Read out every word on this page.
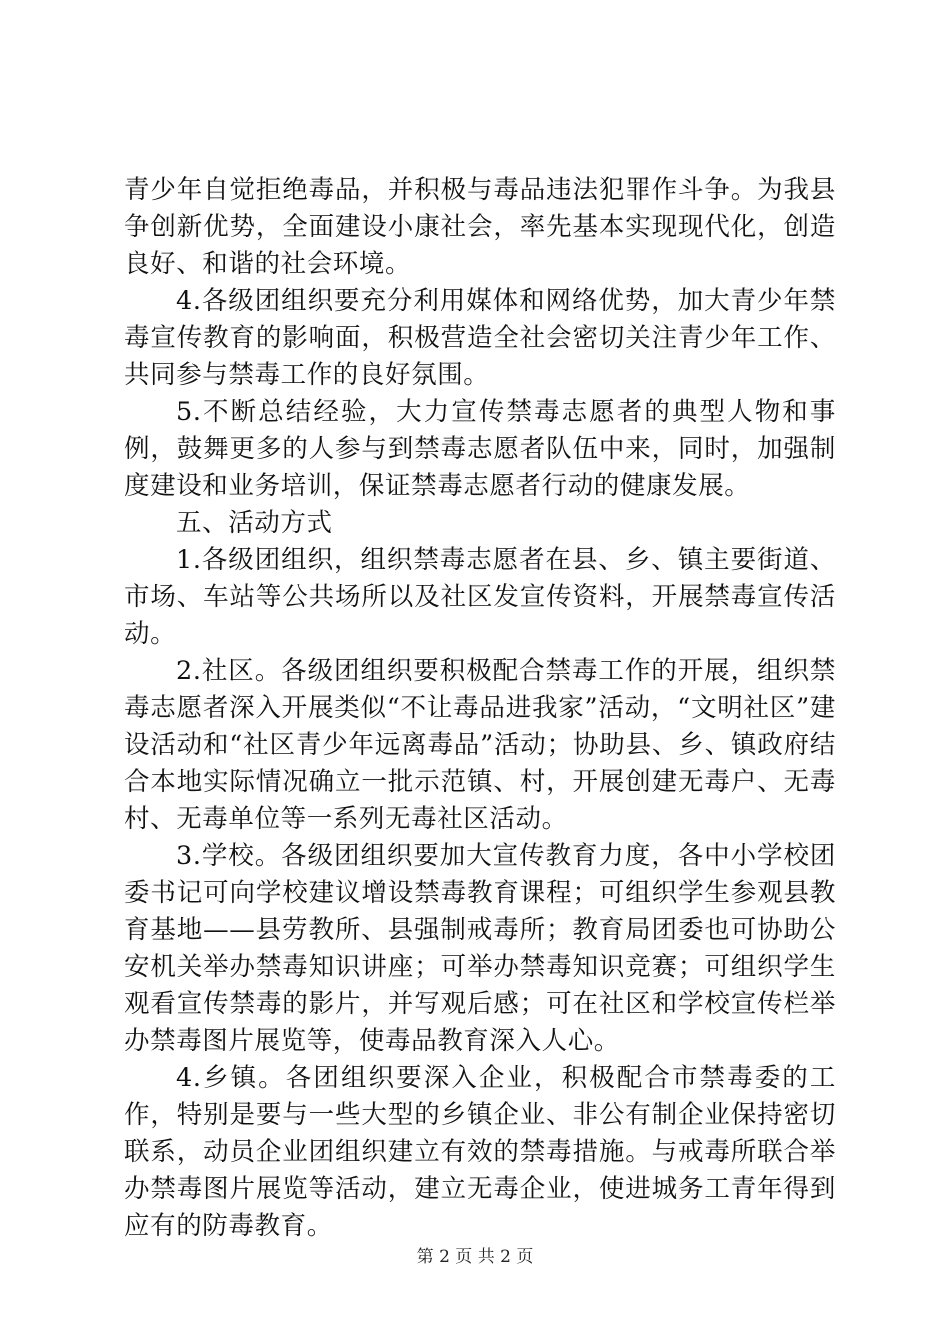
青少年自觉拒绝毒品，并积极与毒品违法犯罪作斗争。为我县争创新优势，全面建设小康社会，率先基本实现现代化，创造良好、和谐的社会环境。

4.各级团组织要充分利用媒体和网络优势，加大青少年禁毒宣传教育的影响面，积极营造全社会密切关注青少年工作、共同参与禁毒工作的良好氛围。

5.不断总结经验，大力宣传禁毒志愿者的典型人物和事例，鼓舞更多的人参与到禁毒志愿者队伍中来，同时，加强制度建设和业务培训，保证禁毒志愿者行动的健康发展。

五、活动方式

1.各级团组织，组织禁毒志愿者在县、乡、镇主要街道、市场、车站等公共场所以及社区发宣传资料，开展禁毒宣传活动。

2.社区。各级团组织要积极配合禁毒工作的开展，组织禁毒志愿者深入开展类似“不让毒品进我家”活动，“文明社区”建设活动和“社区青少年远离毒品”活动；协助县、乡、镇政府结合本地实际情况确立一批示范镇、村，开展创建无毒户、无毒村、无毒单位等一系列无毒社区活动。

3.学校。各级团组织要加大宣传教育力度，各中小学校团委书记可向学校建议增设禁毒教育课程；可组织学生参观县教育基地——县劳教所、县强制戒毒所；教育局团委也可协助公安机关举办禁毒知识讲座；可举办禁毒知识竞赛；可组织学生观看宣传禁毒的影片，并写观后感；可在社区和学校宣传栏举办禁毒图片展览等，使毒品教育深入人心。

4.乡镇。各团组织要深入企业，积极配合市禁毒委的工作，特别是要与一些大型的乡镇企业、非公有制企业保持密切联系，动员企业团组织建立有效的禁毒措施。与戒毒所联合举办禁毒图片展览等活动，建立无毒企业，使进城务工青年得到应有的防毒教育。

第 2 页 共 2 页
